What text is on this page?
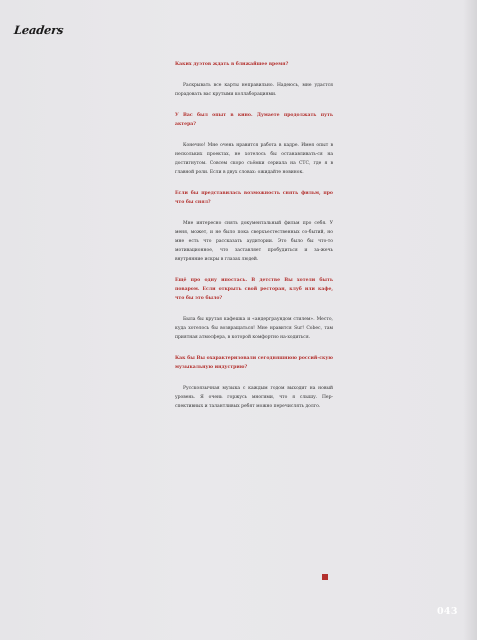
Leaders

Каких дуэтов ждать в ближайшее время?

Раскрывать все карты неправильно. Надеюсь, мне удастся порадовать вас крутыми коллаборациями.

У Вас был опыт в кино. Думаете продолжать путь актера?

Конечно! Мне очень нравится работа в кадре. Имея опыт в нескольких проектах, не хотелось бы останавливать-ся на достигнутом. Совсем скоро съёмки сериала на СТС, где я в главной роли. Если в двух словах: ожидайте новинок.

Если бы представилась возможность снять фильм, про что бы снял?

Мне интересно снять документальный фильм про себя. У меня, может, и не было пока сверхъестественных со-бытий, но мне есть что рассказать аудитории. Это было бы что-то мотивационное, что заставляет пробудиться и за-жечь внутрянние искры в глазах людей.

Ещё про одну ипостась. В детстве Вы хотели быть поваром. Если открыть свой ресторан, клуб или кафе, что бы это было?

Была бы крутая кафешка и «андерграундом стилем». Место, куда хотелось бы возвращаться! Мне нравится Sur! Cobec, там приятная атмосфера, в которой комфортно на-ходиться.

Как бы Вы охарактеризовали сегодняшнюю россий-скую музыкальную индустрию?

Русскоязычная музыка с каждым годом выходит на новый уровень. Я очень горжусь многими, что я слышу. Пер-спективных и талантливых ребят можно перечислять долго.

043
